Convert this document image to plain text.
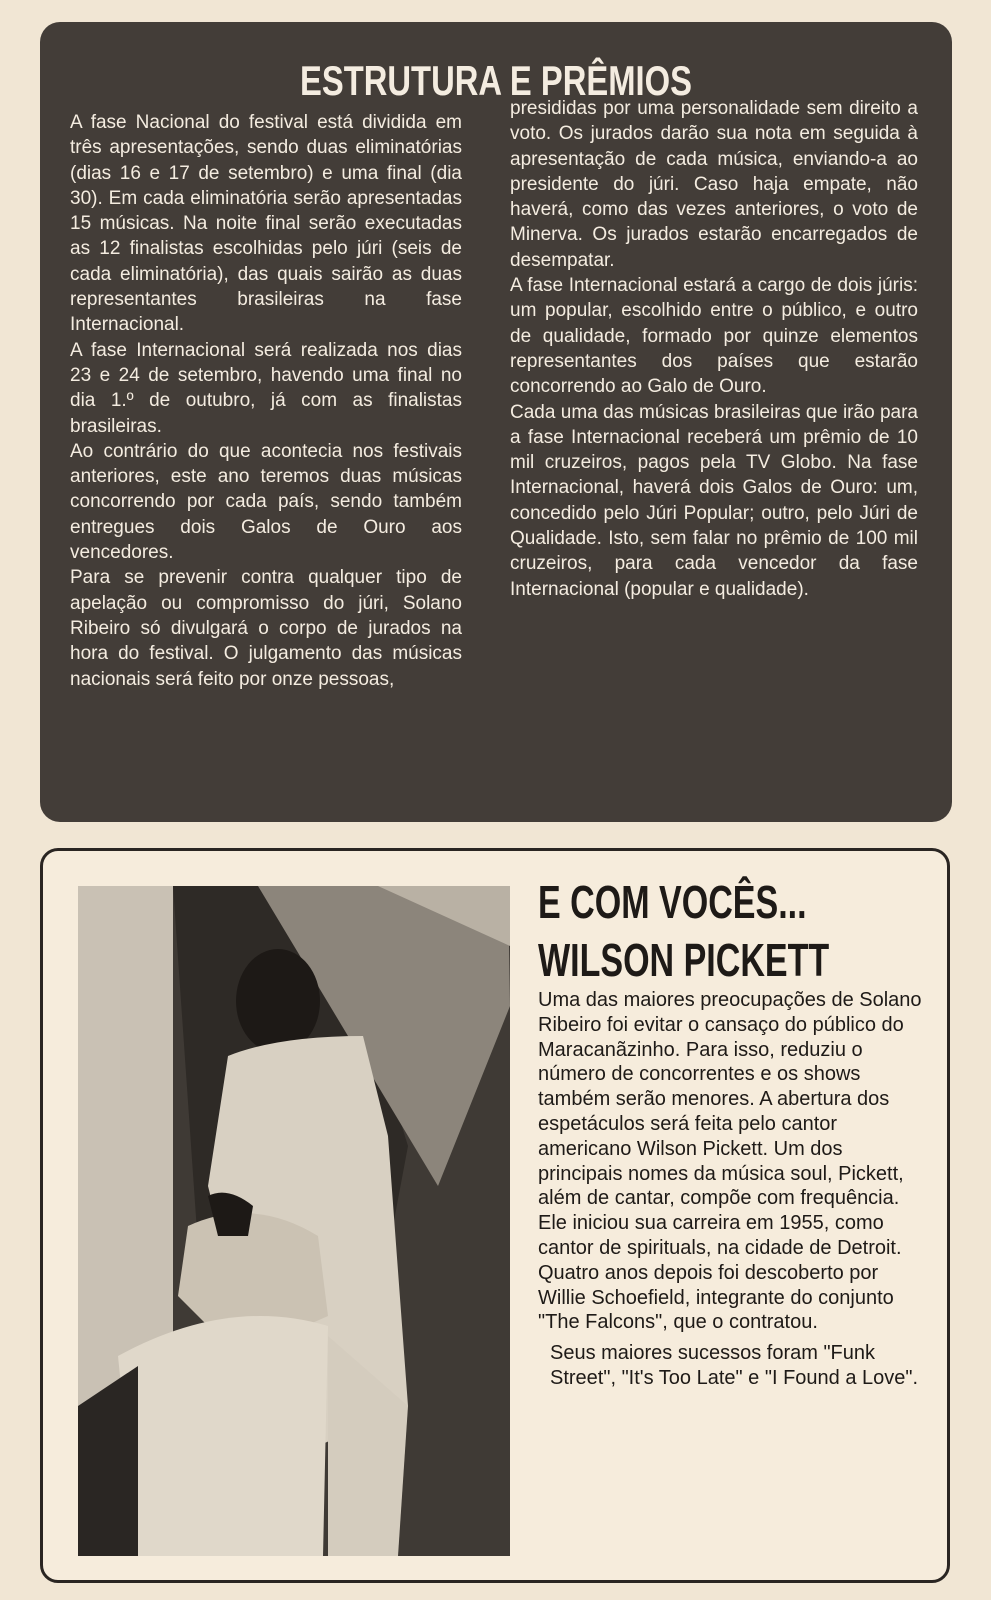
ESTRUTURA E PRÊMIOS

A fase Nacional do festival está dividida em três apresentações, sendo duas eliminatórias (dias 16 e 17 de setembro) e uma final (dia 30). Em cada eliminatória serão apresentadas 15 músicas. Na noite final serão executadas as 12 finalistas escolhidas pelo júri (seis de cada eliminatória), das quais sairão as duas representantes brasileiras na fase Internacional.

A fase Internacional será realizada nos dias 23 e 24 de setembro, havendo uma final no dia 1.º de outubro, já com as finalistas brasileiras.

Ao contrário do que acontecia nos festivais anteriores, este ano teremos duas músicas concorrendo por cada país, sendo também entregues dois Galos de Ouro aos vencedores.

Para se prevenir contra qualquer tipo de apelação ou compromisso do júri, Solano Ribeiro só divulgará o corpo de jurados na hora do festival. O julgamento das músicas nacionais será feito por onze pessoas,

presididas por uma personalidade sem direito a voto. Os jurados darão sua nota em seguida à apresentação de cada música, enviando-a ao presidente do júri. Caso haja empate, não haverá, como das vezes anteriores, o voto de Minerva. Os jurados estarão encarregados de desempatar.

A fase Internacional estará a cargo de dois júris: um popular, escolhido entre o público, e outro de qualidade, formado por quinze elementos representantes dos países que estarão concorrendo ao Galo de Ouro.

Cada uma das músicas brasileiras que irão para a fase Internacional receberá um prêmio de 10 mil cruzeiros, pagos pela TV Globo. Na fase Internacional, haverá dois Galos de Ouro: um, concedido pelo Júri Popular; outro, pelo Júri de Qualidade. Isto, sem falar no prêmio de 100 mil cruzeiros, para cada vencedor da fase Internacional (popular e qualidade).

E COM VOCÊS...
WILSON PICKETT

Uma das maiores preocupações de Solano Ribeiro foi evitar o cansaço do público do Maracanãzinho. Para isso, reduziu o número de concorrentes e os shows também serão menores. A abertura dos espetáculos será feita pelo cantor americano Wilson Pickett. Um dos principais nomes da música soul, Pickett, além de cantar, compõe com frequência. Ele iniciou sua carreira em 1955, como cantor de spirituals, na cidade de Detroit. Quatro anos depois foi descoberto por Willie Schoefield, integrante do conjunto "The Falcons", que o contratou.

Seus maiores sucessos foram "Funk Street", "It's Too Late" e "I Found a Love".
